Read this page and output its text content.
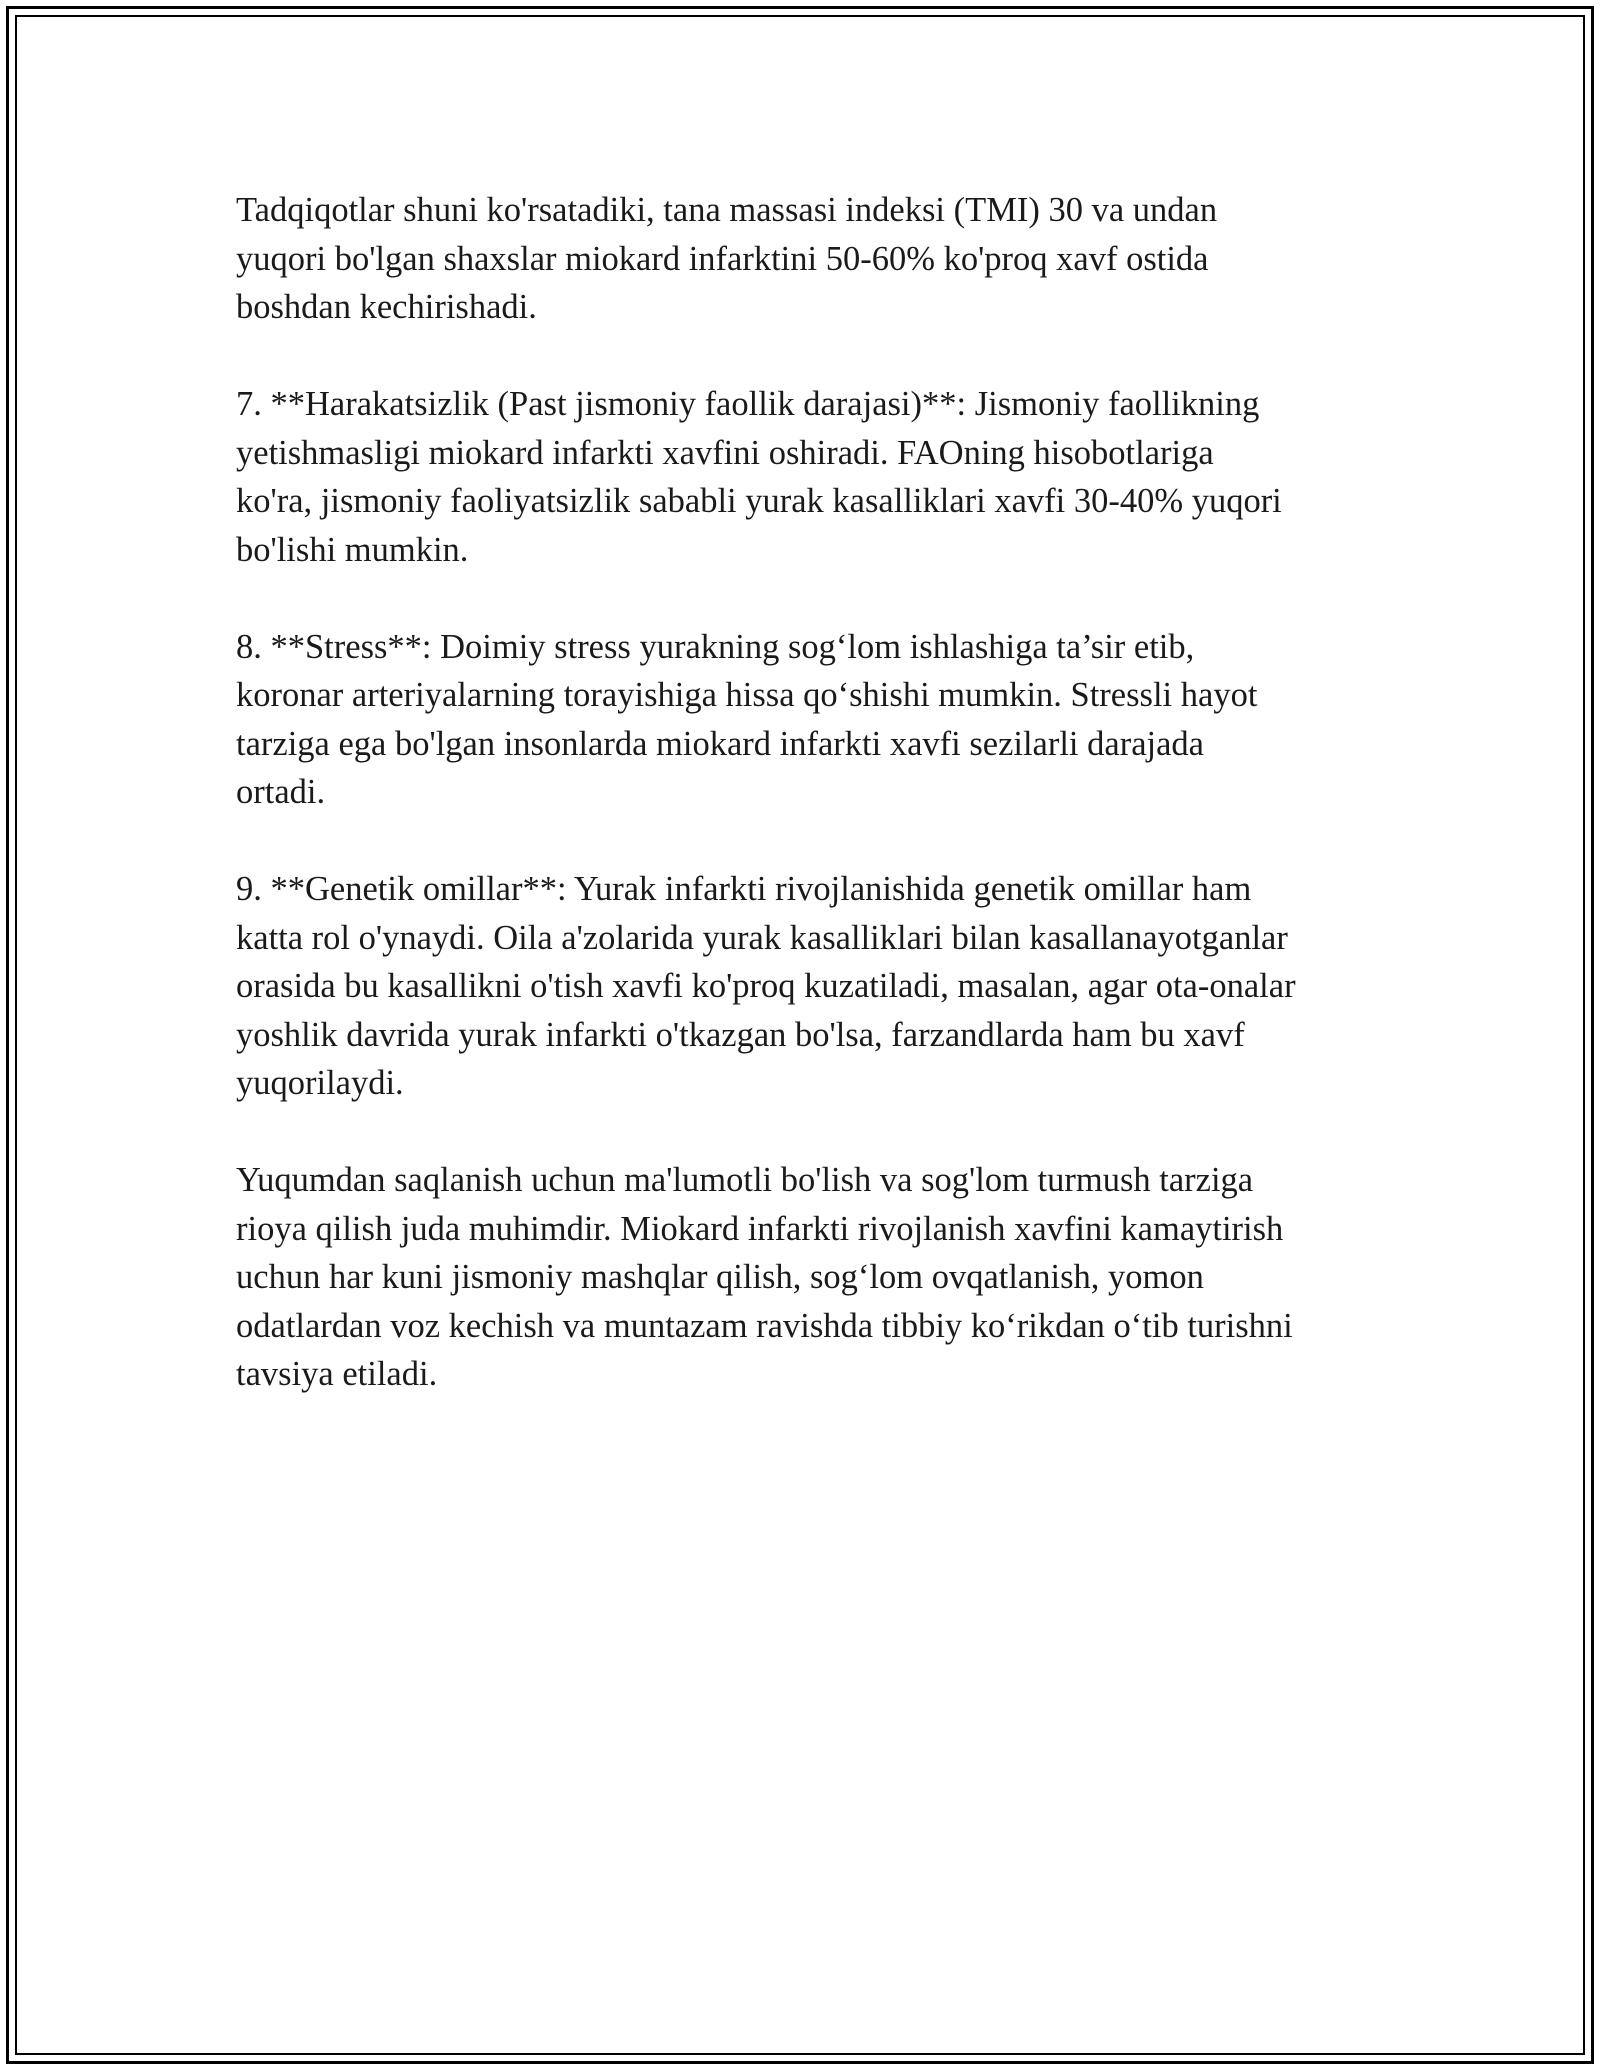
Tadqiqotlar shuni ko'rsatadiki, tana massasi indeksi (TMI) 30 va undan
yuqori bo'lgan shaxslar miokard infarktini 50-60% ko'proq xavf ostida
boshdan kechirishadi.

7. **Harakatsizlik (Past jismoniy faollik darajasi)**: Jismoniy faollikning
yetishmasligi miokard infarkti xavfini oshiradi. FAOning hisobotlariga
ko'ra, jismoniy faoliyatsizlik sababli yurak kasalliklari xavfi 30-40% yuqori
bo'lishi mumkin.

8. **Stress**: Doimiy stress yurakning sog‘lom ishlashiga ta’sir etib,
koronar arteriyalarning torayishiga hissa qo‘shishi mumkin. Stressli hayot
tarziga ega bo'lgan insonlarda miokard infarkti xavfi sezilarli darajada
ortadi.

9. **Genetik omillar**: Yurak infarkti rivojlanishida genetik omillar ham
katta rol o'ynaydi. Oila a'zolarida yurak kasalliklari bilan kasallanayotganlar
orasida bu kasallikni o'tish xavfi ko'proq kuzatiladi, masalan, agar ota-onalar
yoshlik davrida yurak infarkti o'tkazgan bo'lsa, farzandlarda ham bu xavf
yuqorilaydi.

Yuqumdan saqlanish uchun ma'lumotli bo'lish va sog'lom turmush tarziga
rioya qilish juda muhimdir. Miokard infarkti rivojlanish xavfini kamaytirish
uchun har kuni jismoniy mashqlar qilish, sog‘lom ovqatlanish, yomon
odatlardan voz kechish va muntazam ravishda tibbiy ko‘rikdan o‘tib turishni
tavsiya etiladi.
